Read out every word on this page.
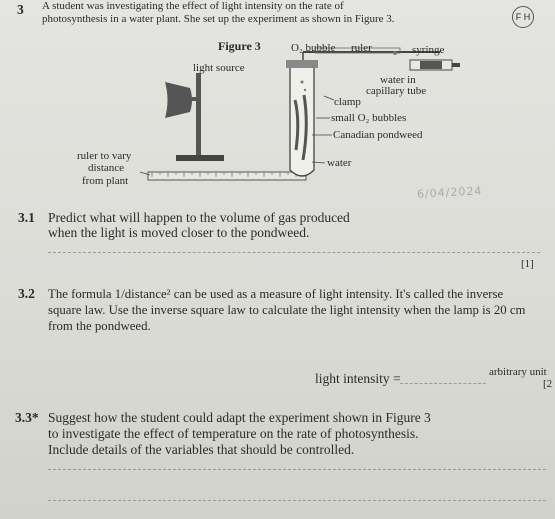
3 A student was investigating the effect of light intensity on the rate of
photosynthesis in a water plant. She set up the experiment as shown in Figure 3.	F H
Figure 3	O₂ bubble ruler	syringe
light source
water in
capillary tube
clamp
small O₂ bubbles
Canadian pondweed
water
ruler to vary
distance
from plant
6/04/2024
3.1 Predict what will happen to the volume of gas produced
when the light is moved closer to the pondweed.
[1]
3.2 The formula 1/distance² can be used as a measure of light intensity. It's called the inverse
square law. Use the inverse square law to calculate the light intensity when the lamp is 20 cm
from the pondweed.
light intensity =	arbitrary unit
[2
3.3* Suggest how the student could adapt the experiment shown in Figure 3
to investigate the effect of temperature on the rate of photosynthesis.
Include details of the variables that should be controlled.
